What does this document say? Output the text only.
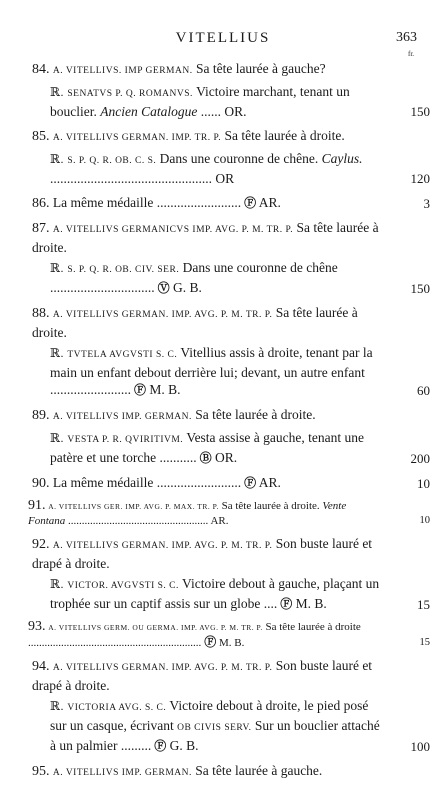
VITELLIUS	363
fr.
84. A. VITELLIVS. IMP GERMAN. Sa tête laurée à gauche?
ℝ. SENATVS P. Q. ROMANVS. Victoire marchant, tenant un bouclier. Ancien Catalogue ...... OR.	150
85. A. VITELLIVS GERMAN. IMP. TR. P. Sa tête laurée à droite.
ℝ. S. P. Q. R. OB. C. S. Dans une couronne de chêne. Caylus. ................................................ OR	120
86. La même médaille ......................... Ⓕ AR.	3
87. A. VITELLIVS GERMANICVS IMP. AVG. P. M. TR. P. Sa tête laurée à droite.
ℝ. S. P. Q. R. OB. CIV. SER. Dans une couronne de chêne ............................... Ⓥ G. B.	150
88. A. VITELLIVS GERMAN. IMP. AVG. P. M. TR. P. Sa tête laurée à droite.
ℝ. TVTELA AVGVSTI S. C. Vitellius assis à droite, tenant par la main un enfant debout derrière lui; devant, un autre enfant ........................ Ⓕ M. B.	60
89. A. VITELLIVS IMP. GERMAN. Sa tête laurée à droite.
ℝ. VESTA P. R. QVIRITIVM. Vesta assise à gauche, tenant une patère et une torche ........... Ⓑ OR.	200
90. La même médaille ......................... Ⓕ AR.	10
91. A. VITELLIVS GER. IMP. AVG. P. MAX. TR. P. Sa tête laurée à droite. Vente Fontana ................................................... AR.	10
92. A. VITELLIVS GERMAN. IMP. AVG. P. M. TR. P. Son buste lauré et drapé à droite.
ℝ. VICTOR. AVGVSTI S. C. Victoire debout à gauche, plaçant un trophée sur un captif assis sur un globe .... Ⓕ M. B.	15
93. A. VITELLIVS GERM. OU GERMA. IMP. AVG. P. M. TR. P. Sa tête laurée à droite ............................................................... Ⓕ M. B.	15
94. A. VITELLIVS GERMAN. IMP. AVG. P. M. TR. P. Son buste lauré et drapé à droite.
ℝ. VICTORIA AVG. S. C. Victoire debout à droite, le pied posé sur un casque, écrivant OB CIVIS SERV. Sur un bouclier attaché à un palmier ......... Ⓕ G. B.	100
95. A. VITELLIVS IMP. GERMAN. Sa tête laurée à gauche.
